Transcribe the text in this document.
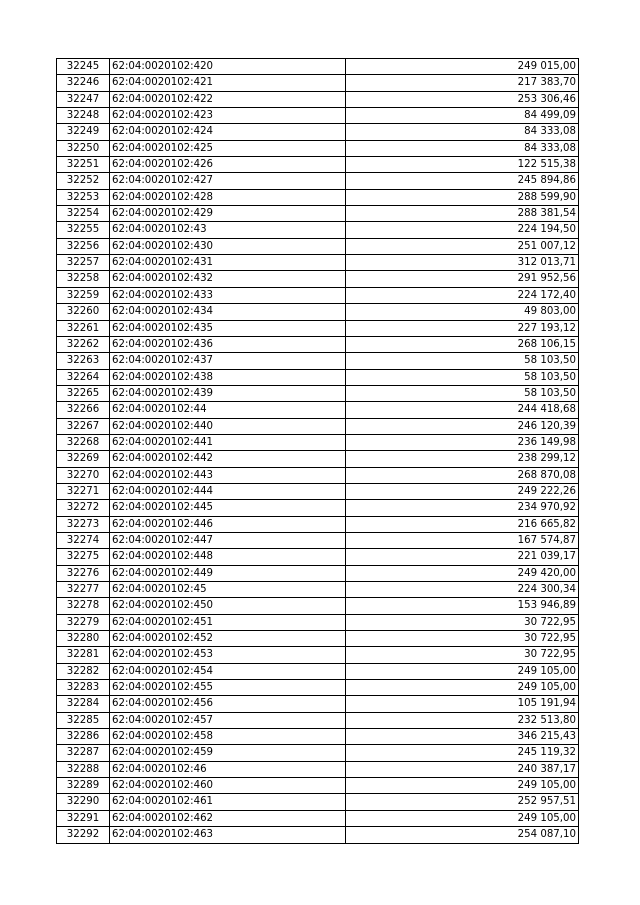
32245	62:04:0020102:420	249 015,00
32246	62:04:0020102:421	217 383,70
32247	62:04:0020102:422	253 306,46
32248	62:04:0020102:423	84 499,09
32249	62:04:0020102:424	84 333,08
32250	62:04:0020102:425	84 333,08
32251	62:04:0020102:426	122 515,38
32252	62:04:0020102:427	245 894,86
32253	62:04:0020102:428	288 599,90
32254	62:04:0020102:429	288 381,54
32255	62:04:0020102:43	224 194,50
32256	62:04:0020102:430	251 007,12
32257	62:04:0020102:431	312 013,71
32258	62:04:0020102:432	291 952,56
32259	62:04:0020102:433	224 172,40
32260	62:04:0020102:434	49 803,00
32261	62:04:0020102:435	227 193,12
32262	62:04:0020102:436	268 106,15
32263	62:04:0020102:437	58 103,50
32264	62:04:0020102:438	58 103,50
32265	62:04:0020102:439	58 103,50
32266	62:04:0020102:44	244 418,68
32267	62:04:0020102:440	246 120,39
32268	62:04:0020102:441	236 149,98
32269	62:04:0020102:442	238 299,12
32270	62:04:0020102:443	268 870,08
32271	62:04:0020102:444	249 222,26
32272	62:04:0020102:445	234 970,92
32273	62:04:0020102:446	216 665,82
32274	62:04:0020102:447	167 574,87
32275	62:04:0020102:448	221 039,17
32276	62:04:0020102:449	249 420,00
32277	62:04:0020102:45	224 300,34
32278	62:04:0020102:450	153 946,89
32279	62:04:0020102:451	30 722,95
32280	62:04:0020102:452	30 722,95
32281	62:04:0020102:453	30 722,95
32282	62:04:0020102:454	249 105,00
32283	62:04:0020102:455	249 105,00
32284	62:04:0020102:456	105 191,94
32285	62:04:0020102:457	232 513,80
32286	62:04:0020102:458	346 215,43
32287	62:04:0020102:459	245 119,32
32288	62:04:0020102:46	240 387,17
32289	62:04:0020102:460	249 105,00
32290	62:04:0020102:461	252 957,51
32291	62:04:0020102:462	249 105,00
32292	62:04:0020102:463	254 087,10
